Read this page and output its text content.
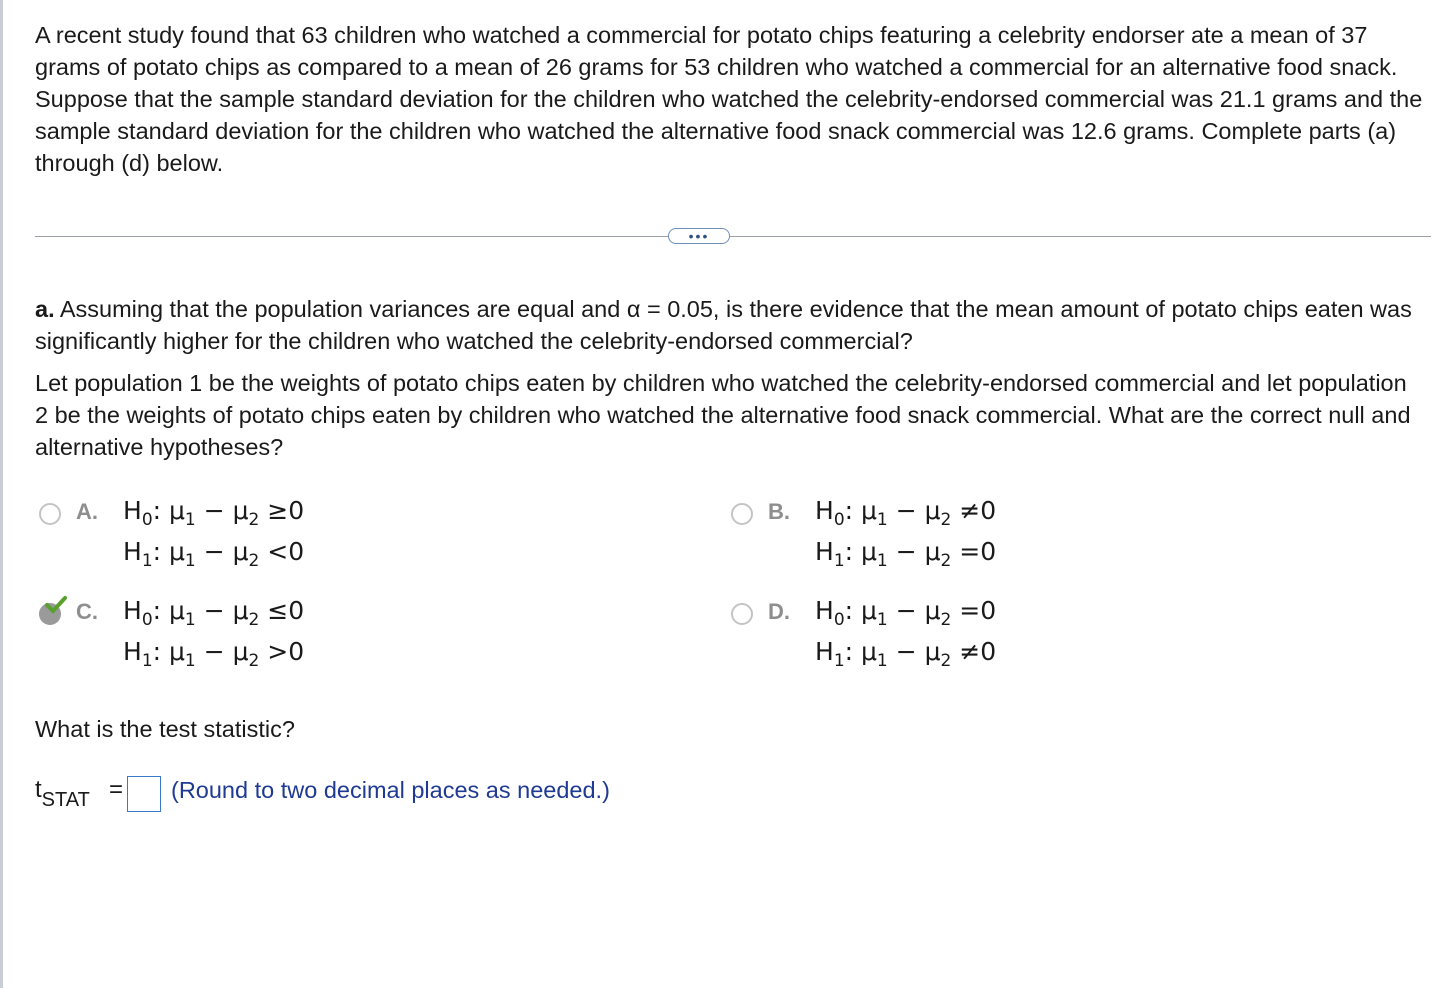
A recent study found that 63 children who watched a commercial for potato chips featuring a celebrity endorser ate a mean of 37 grams of potato chips as compared to a mean of 26 grams for 53 children who watched a commercial for an alternative food snack. Suppose that the sample standard deviation for the children who watched the celebrity-endorsed commercial was 21.1 grams and the sample standard deviation for the children who watched the alternative food snack commercial was 12.6 grams. Complete parts (a) through (d) below.
•••
a. Assuming that the population variances are equal and α = 0.05, is there evidence that the mean amount of potato chips eaten was significantly higher for the children who watched the celebrity-endorsed commercial?
Let population 1 be the weights of potato chips eaten by children who watched the celebrity-endorsed commercial and let population 2 be the weights of potato chips eaten by children who watched the alternative food snack commercial. What are the correct null and alternative hypotheses?
A. $H_0$: $\mu_1 - \mu_2 \ge 0$
$H_1$: $\mu_1 - \mu_2 <0$
B. $H_0$: $\mu_1 - \mu_2 \ne 0$
$H_1$: $\mu_1 - \mu_2 =0$
C. $H_0$: $\mu_1 - \mu_2 \le 0$
$H_1$: $\mu_1 - \mu_2 >0$
D. $H_0$: $\mu_1 - \mu_2 =0$
$H_1$: $\mu_1 - \mu_2 \ne 0$
What is the test statistic?
$t_{STAT}$ = (Round to two decimal places as needed.)
